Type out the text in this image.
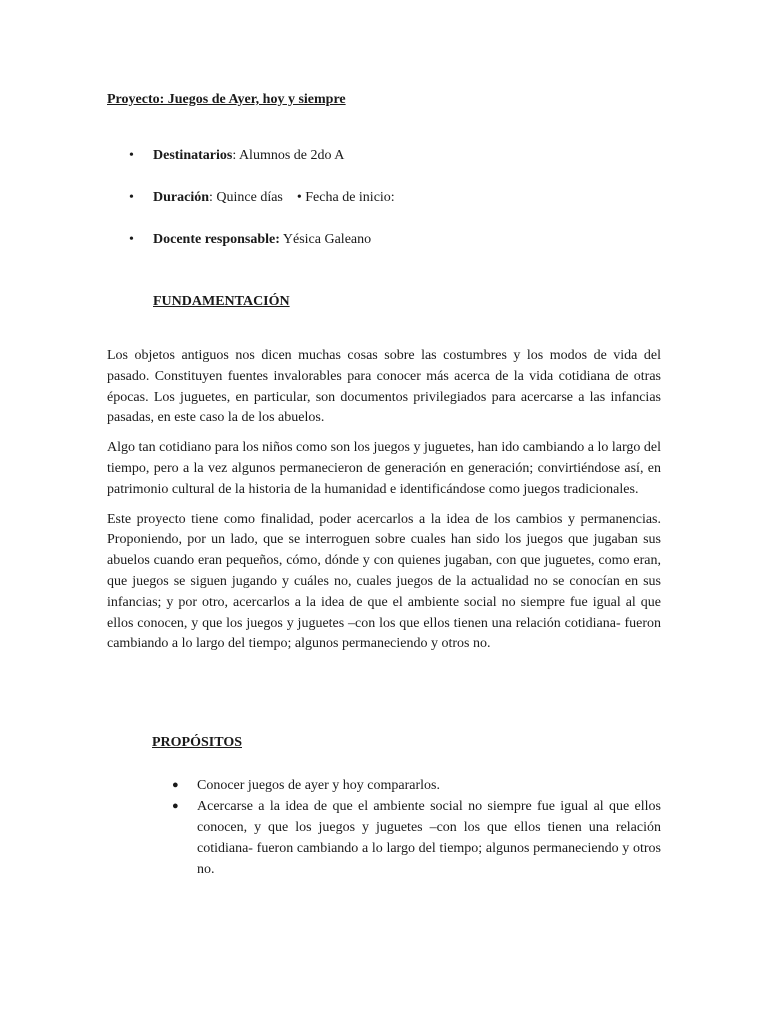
Proyecto: Juegos de Ayer, hoy y siempre
• Destinatarios: Alumnos de 2do A
• Duración: Quince días    • Fecha de inicio:
• Docente responsable: Yésica Galeano
FUNDAMENTACIÓN

Los objetos antiguos nos dicen muchas cosas sobre las costumbres y los modos de vida del pasado. Constituyen fuentes invalorables para conocer más acerca de la vida cotidiana de otras épocas. Los juguetes, en particular, son documentos privilegiados para acercarse a las infancias pasadas, en este caso la de los abuelos.

Algo tan cotidiano para los niños como son los juegos y juguetes, han ido cambiando a lo largo del tiempo, pero a la vez algunos permanecieron de generación en generación; convirtiéndose así, en patrimonio cultural de la historia de la humanidad e identificándose como juegos tradicionales.

Este proyecto tiene como finalidad, poder acercarlos a la idea de los cambios y permanencias. Proponiendo, por un lado, que se interroguen sobre cuales han sido los juegos que jugaban sus abuelos cuando eran pequeños, cómo, dónde y con quienes jugaban, con que juguetes, como eran, que juegos se siguen jugando y cuáles no, cuales juegos de la actualidad no se conocían en sus infancias; y por otro, acercarlos a la idea de que el ambiente social no siempre fue igual al que ellos conocen, y que los juegos y juguetes –con los que ellos tienen una relación cotidiana- fueron cambiando a lo largo del tiempo; algunos permaneciendo y otros no.

PROPÓSITOS
● Conocer juegos de ayer y hoy compararlos.
● Acercarse a la idea de que el ambiente social no siempre fue igual al que ellos conocen, y que los juegos y juguetes –con los que ellos tienen una relación cotidiana- fueron cambiando a lo largo del tiempo; algunos permaneciendo y otros no.
